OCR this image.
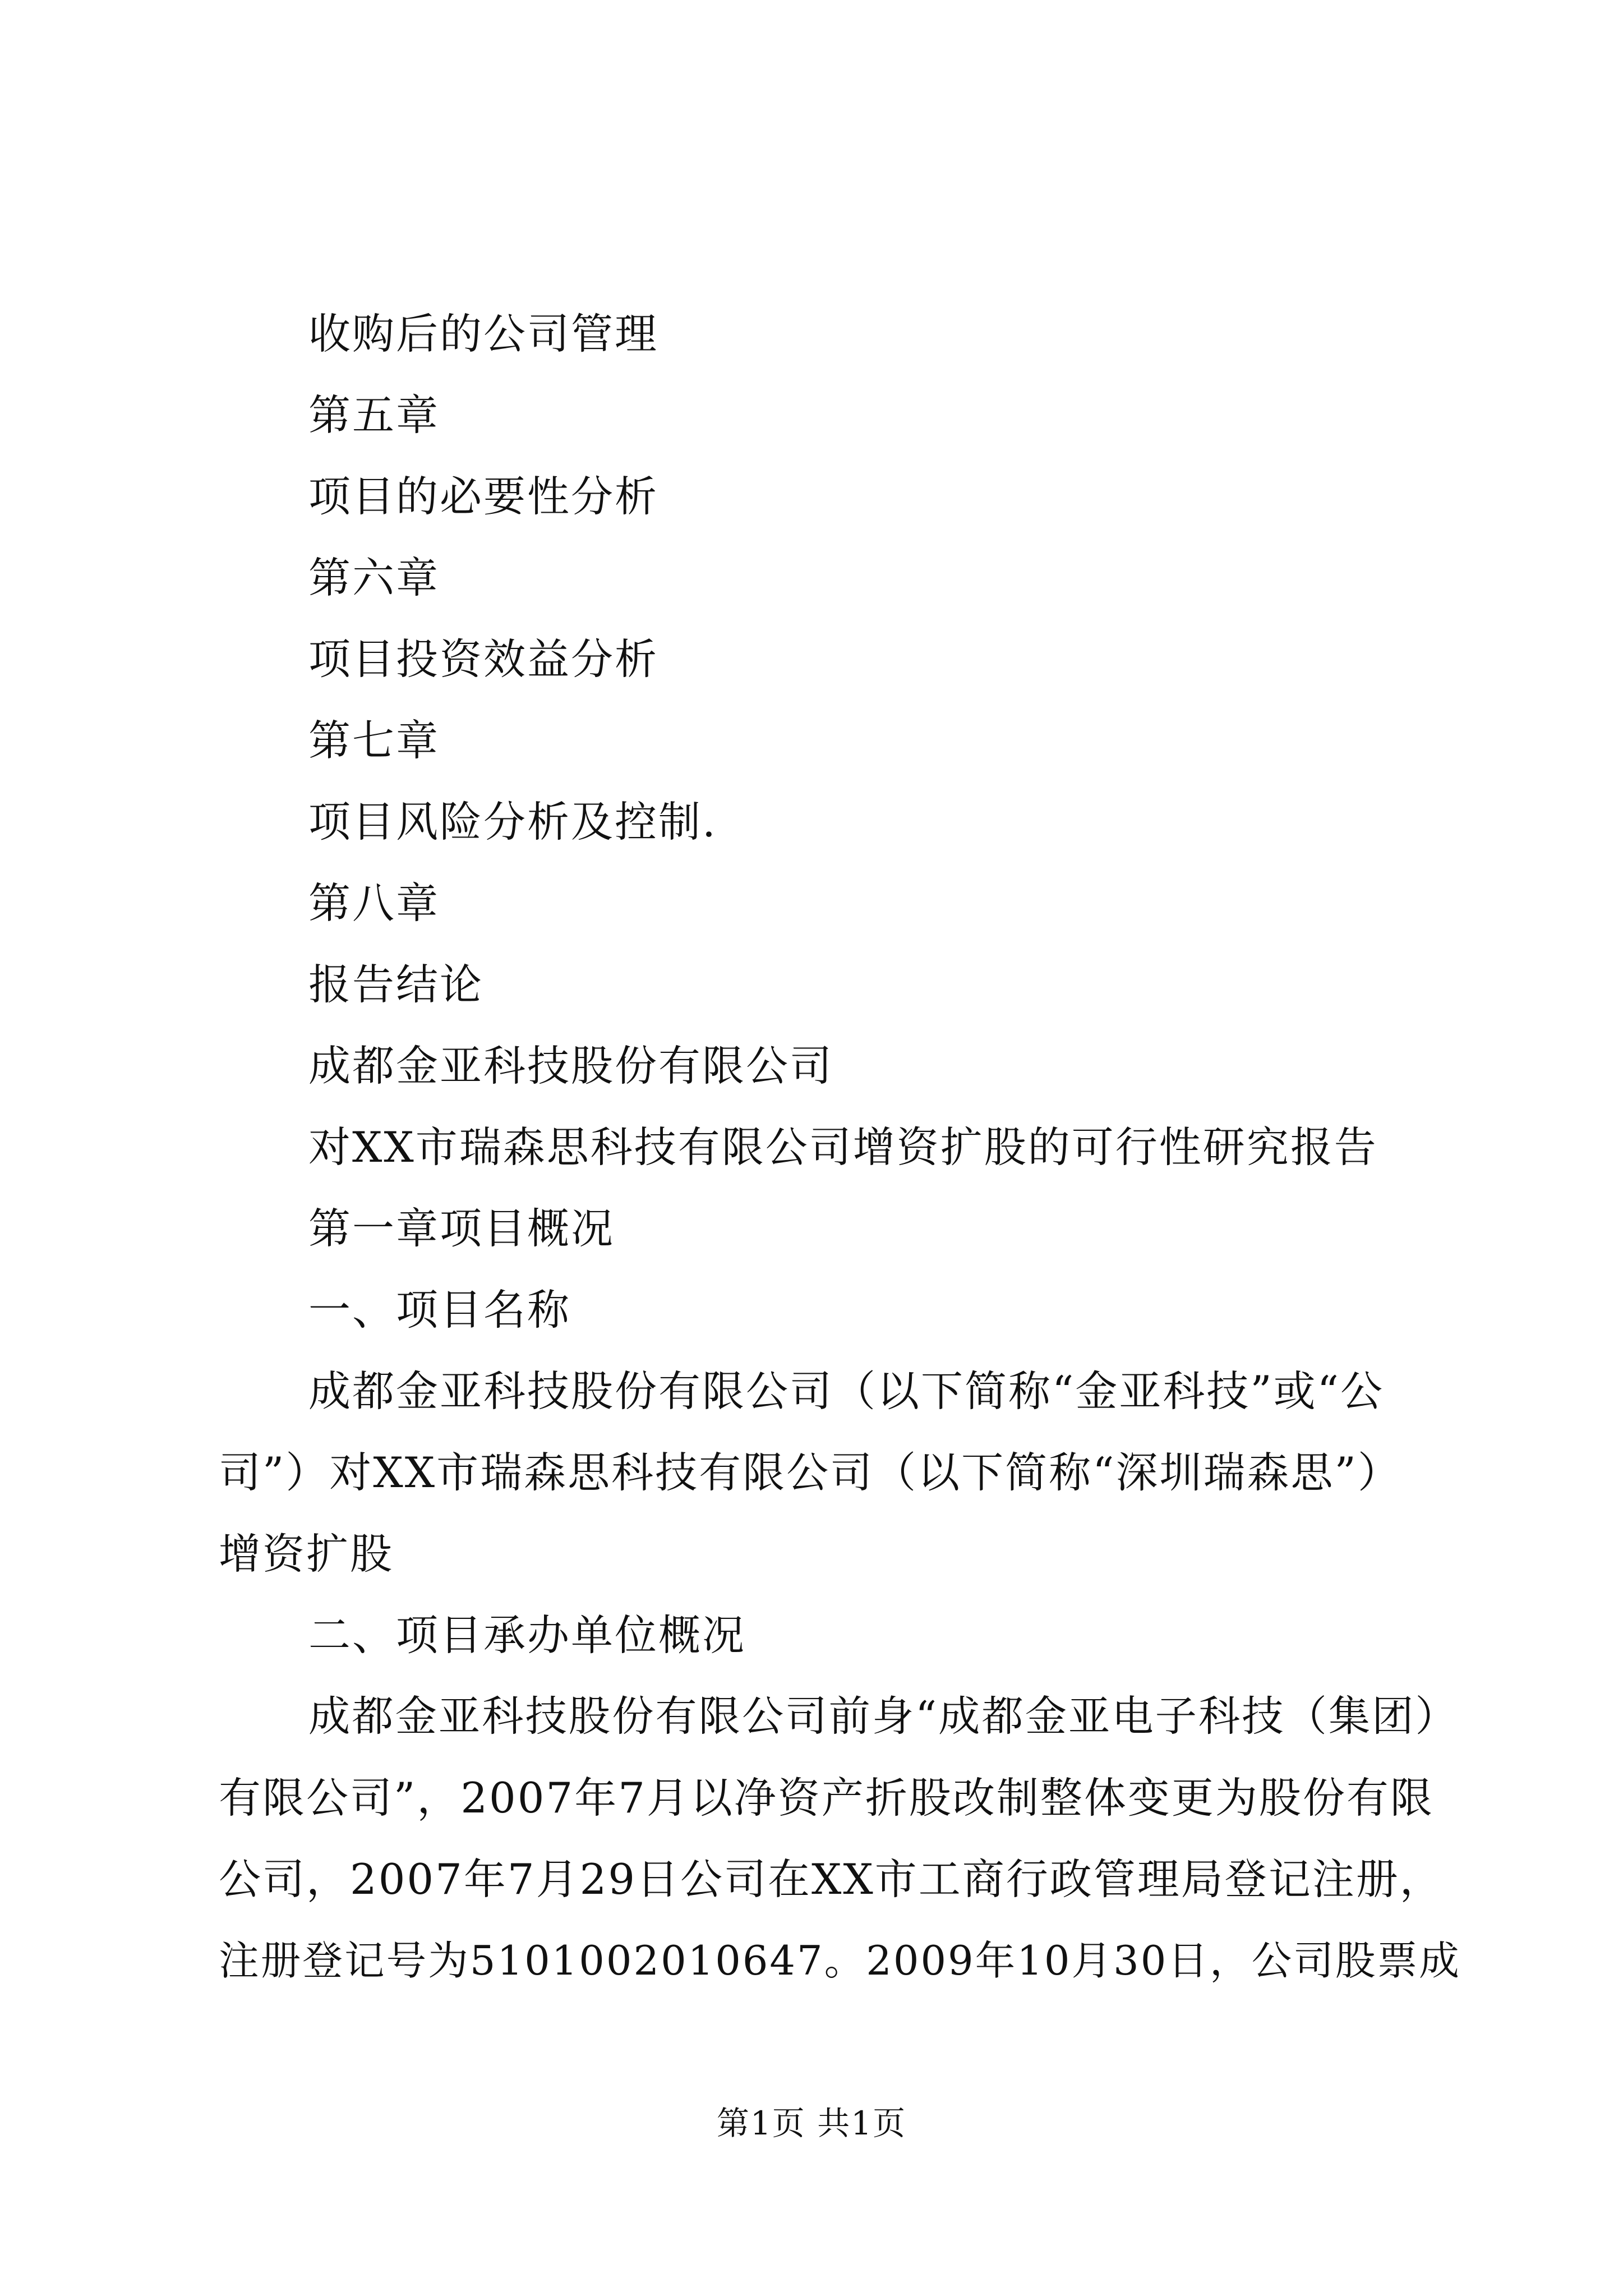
收购后的公司管理
第五章
项目的必要性分析
第六章
项目投资效益分析
第七章
项目风险分析及控制.
第八章
报告结论
成都金亚科技股份有限公司
对XX市瑞森思科技有限公司增资扩股的可行性研究报告
第一章项目概况
一、项目名称
成都金亚科技股份有限公司（以下简称“金亚科技”或“公
司”）对XX市瑞森思科技有限公司（以下简称“深圳瑞森思”）
增资扩股
二、项目承办单位概况
成都金亚科技股份有限公司前身“成都金亚电子科技（集团）
有限公司”，2007年7月以净资产折股改制整体变更为股份有限
公司，2007年7月29日公司在XX市工商行政管理局登记注册，
注册登记号为5101002010647。2009年10月30日，公司股票成
第1页 共1页
